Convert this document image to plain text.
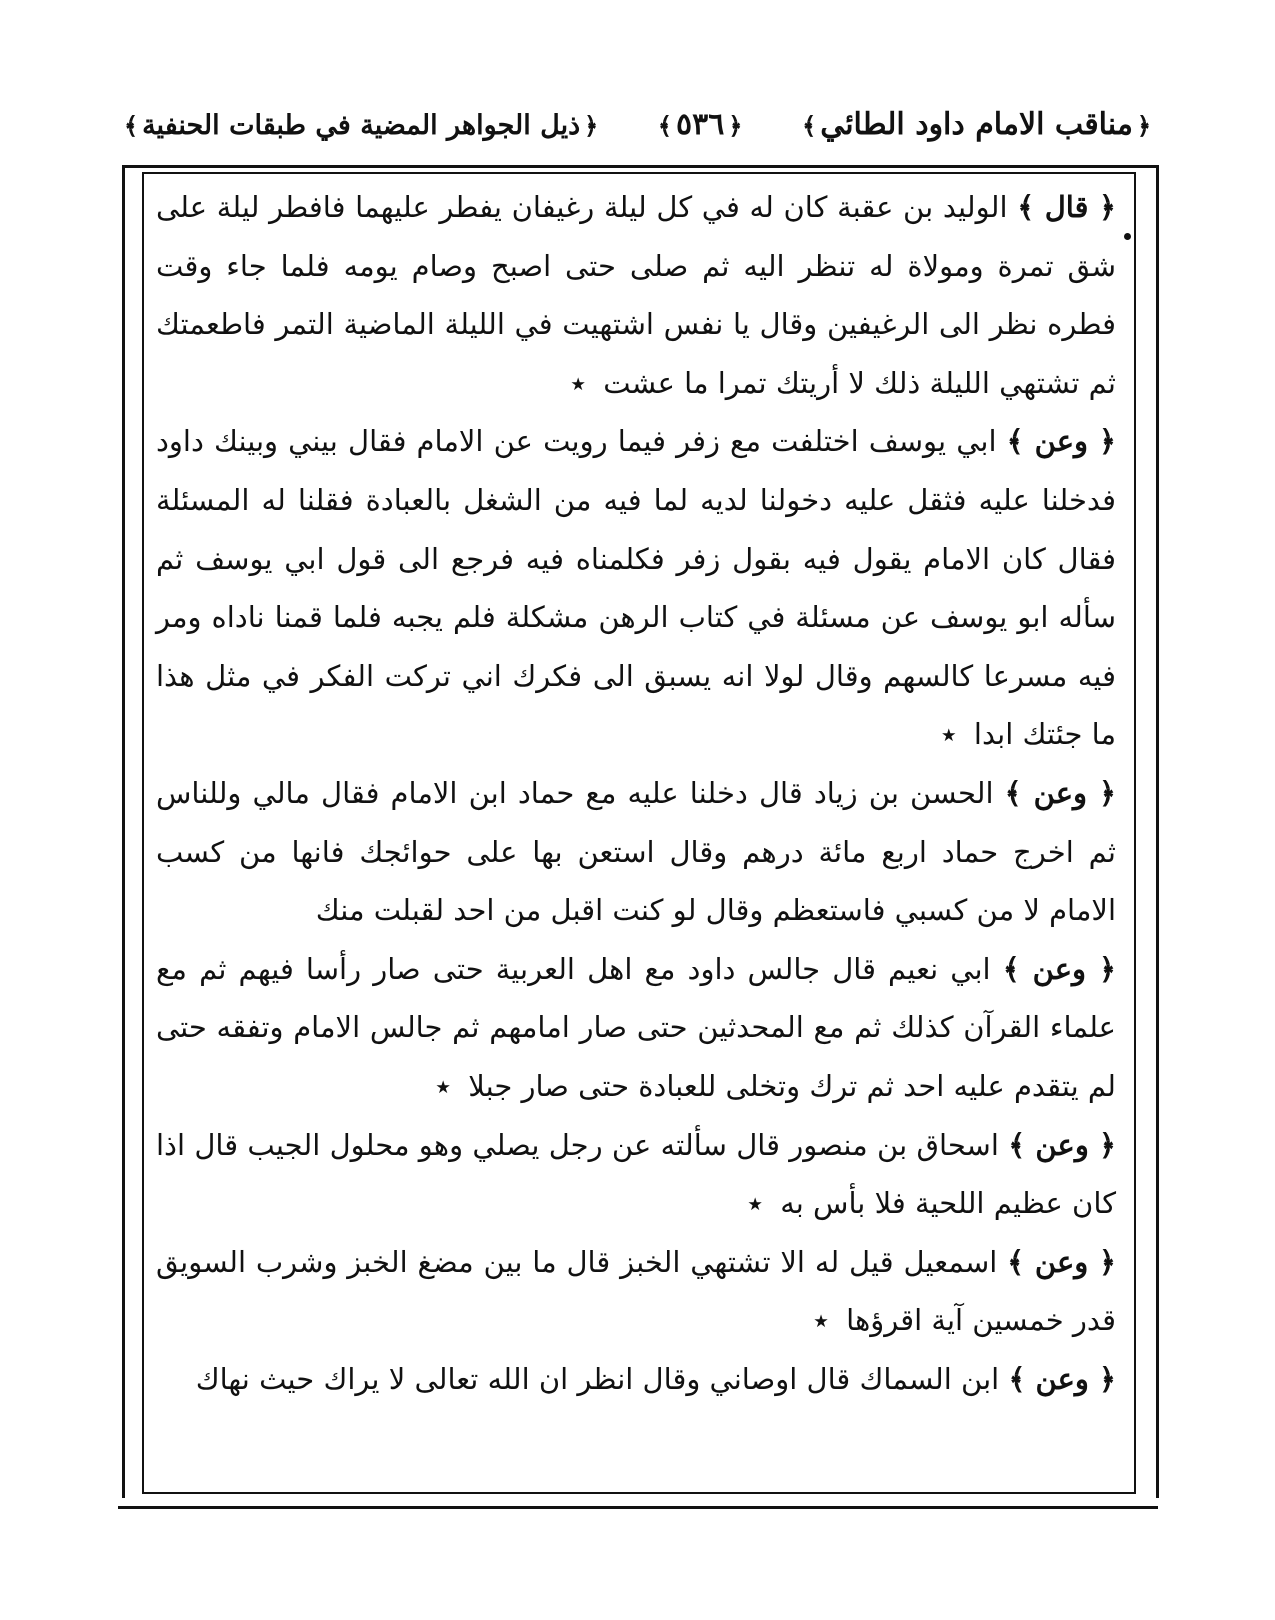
﴿ذيل الجواهر المضية في طبقات الحنفية﴾	﴿٥٣٦﴾	﴿مناقب الامام داود الطائي﴾

﴿ قال ﴾ الوليد بن عقبة كان له في كل ليلة رغيفان يفطر عليهما فافطر ليلة على شق تمرة ومولاة له تنظر اليه ثم صلى حتى اصبح وصام يومه فلما جاء وقت فطره نظر الى الرغيفين وقال يا نفس اشتهيت في الليلة الماضية التمر فاطعمتك ثم تشتهي الليلة ذلك لا أريتك تمرا ما عشت ٭

﴿ وعن ﴾ ابي يوسف اختلفت مع زفر فيما رويت عن الامام فقال بيني وبينك داود فدخلنا عليه فثقل عليه دخولنا لديه لما فيه من الشغل بالعبادة فقلنا له المسئلة فقال كان الامام يقول فيه بقول زفر فكلمناه فيه فرجع الى قول ابي يوسف ثم سأله ابو يوسف عن مسئلة في كتاب الرهن مشكلة فلم يجبه فلما قمنا ناداه ومر فيه مسرعا كالسهم وقال لولا انه يسبق الى فكرك اني تركت الفكر في مثل هذا ما جئتك ابدا ٭

﴿ وعن ﴾ الحسن بن زياد قال دخلنا عليه مع حماد ابن الامام فقال مالي وللناس ثم اخرج حماد اربع مائة درهم وقال استعن بها على حوائجك فانها من كسب الامام لا من كسبي فاستعظم وقال لو كنت اقبل من احد لقبلت منك

﴿ وعن ﴾ ابي نعيم قال جالس داود مع اهل العربية حتى صار رأسا فيهم ثم مع علماء القرآن كذلك ثم مع المحدثين حتى صار امامهم ثم جالس الامام وتفقه حتى لم يتقدم عليه احد ثم ترك وتخلى للعبادة حتى صار جبلا ٭

﴿ وعن ﴾ اسحاق بن منصور قال سألته عن رجل يصلي وهو محلول الجيب قال اذا كان عظيم اللحية فلا بأس به ٭

﴿ وعن ﴾ اسمعيل قيل له الا تشتهي الخبز قال ما بين مضغ الخبز وشرب السويق قدر خمسين آية اقرؤها ٭

﴿ وعن ﴾ ابن السماك قال اوصاني وقال انظر ان الله تعالى لا يراك حيث نهاك
